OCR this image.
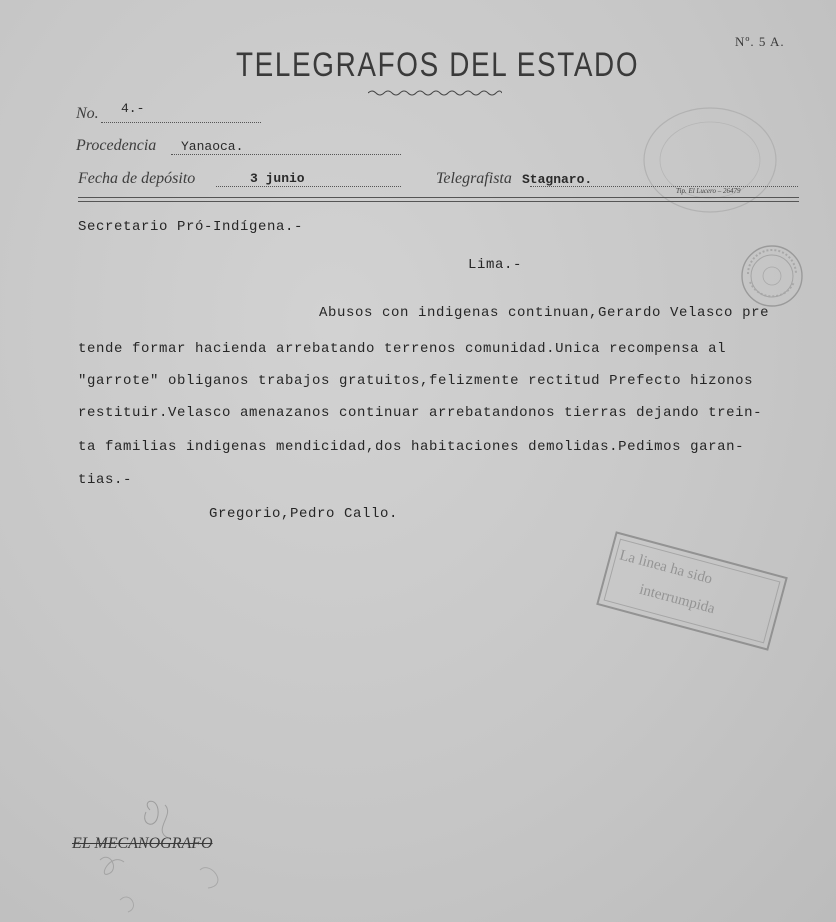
Nº. 5 A.
TELEGRAFOS DEL ESTADO
No. 4.-
Procedencia Yanaoca.
Fecha de depósito	3 junio	Telegrafista Stagnaro.
Tip. El Lucero – 26479
Secretario Pró-Indígena.-
Lima.-
Abusos con indigenas continuan,Gerardo Velasco pre
tende formar hacienda arrebatando terrenos comunidad.Unica recompensa al
"garrote" obliganos trabajos gratuitos,felizmente rectitud Prefecto hizonos
restituir.Velasco amenazanos continuar arrebatandonos tierras dejando trein-
ta familias indigenas mendicidad,dos habitaciones demolidas.Pedimos garan-
tias.-
Gregorio,Pedro Callo.
La linea ha sido
interrumpida
EL MECANOGRAFO
